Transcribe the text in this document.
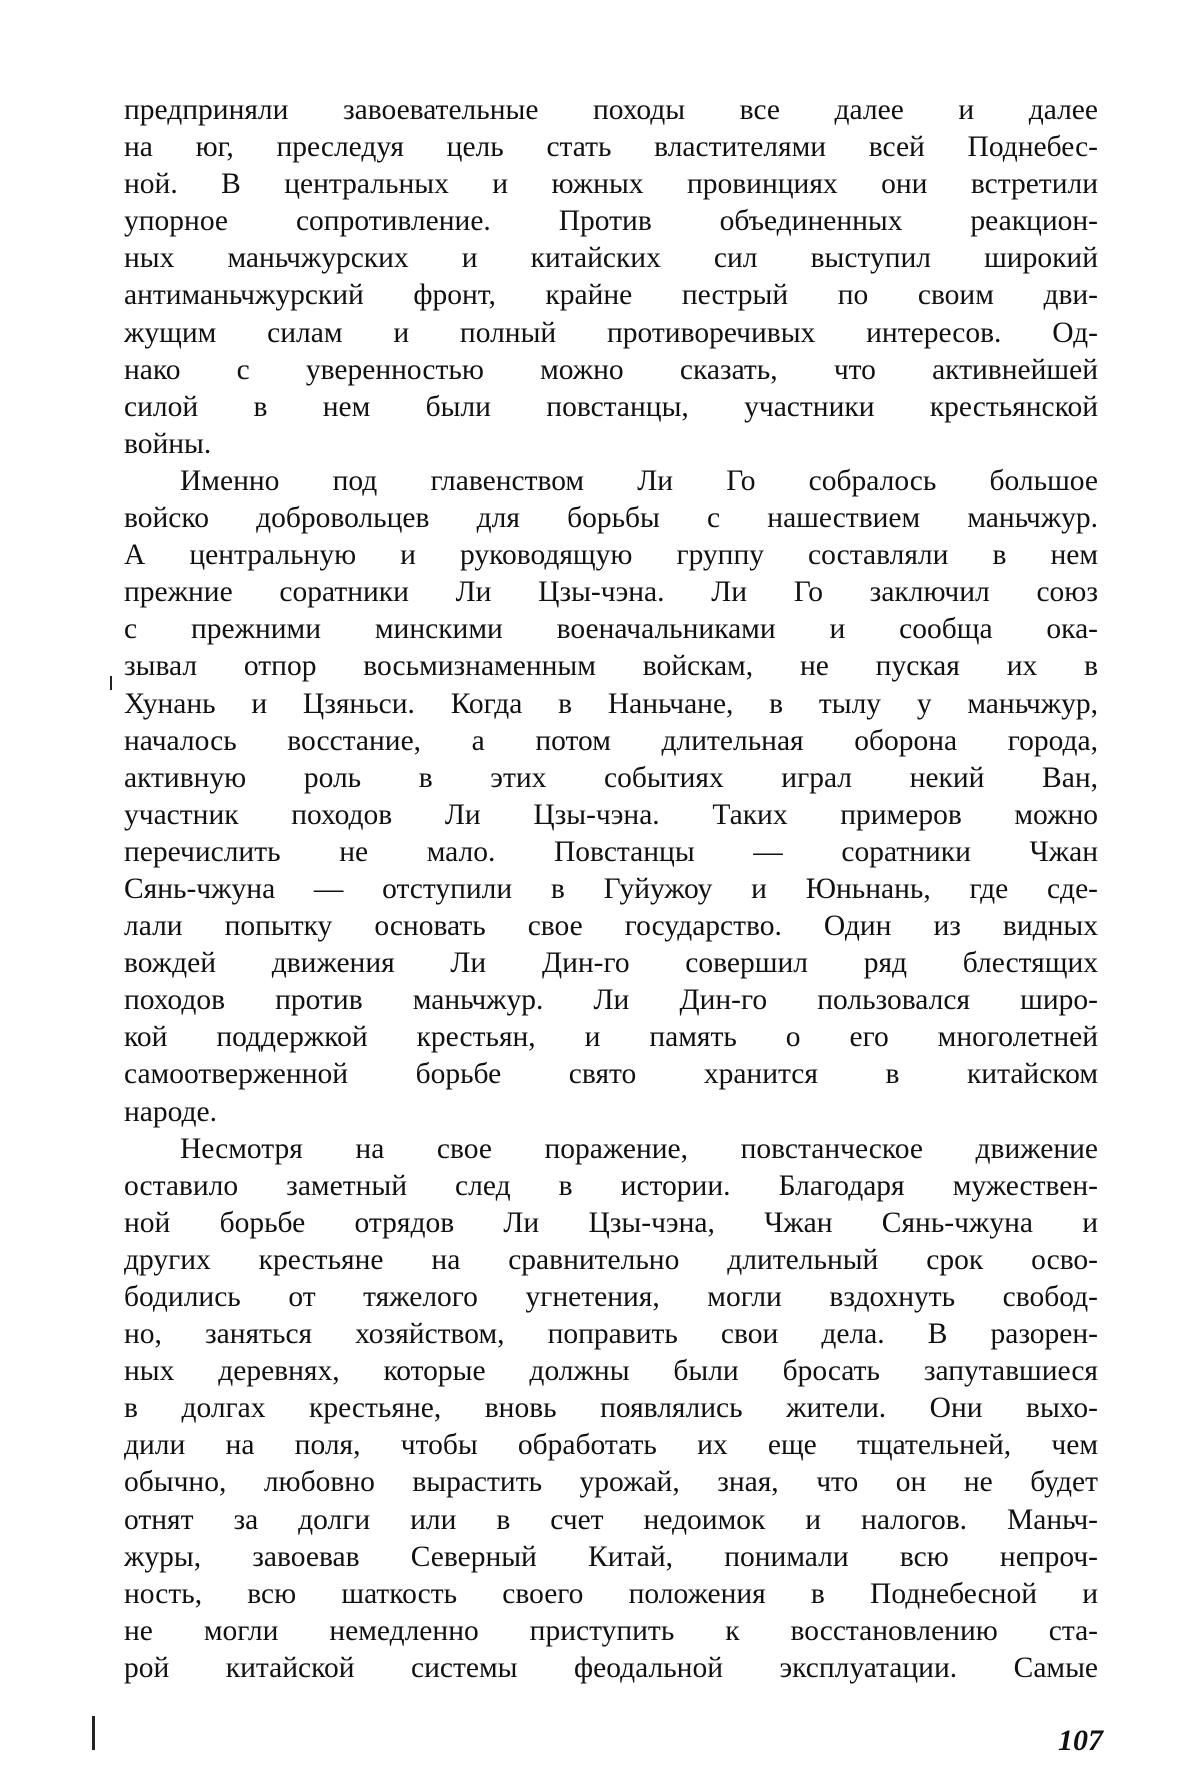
предприняли завоевательные походы все далее и далее
на юг, преследуя цель стать властителями всей Поднебес-
ной. В центральных и южных провинциях они встретили
упорное сопротивление. Против объединенных реакцион-
ных маньчжурских и китайских сил выступил широкий
антиманьчжурский фронт, крайне пестрый по своим дви-
жущим силам и полный противоречивых интересов. Од-
нако с уверенностью можно сказать, что активнейшей
силой в нем были повстанцы, участники крестьянской
войны.
Именно под главенством Ли Го собралось большое
войско добровольцев для борьбы с нашествием маньчжур.
А центральную и руководящую группу составляли в нем
прежние соратники Ли Цзы-чэна. Ли Го заключил союз
с прежними минскими военачальниками и сообща ока-
зывал отпор восьмизнаменным войскам, не пуская их в
Хунань и Цзяньси. Когда в Наньчане, в тылу у маньчжур,
началось восстание, а потом длительная оборона города,
активную роль в этих событиях играл некий Ван,
участник походов Ли Цзы-чэна. Таких примеров можно
перечислить не мало. Повстанцы — соратники Чжан
Сянь-чжуна — отступили в Гуйужоу и Юньнань, где сде-
лали попытку основать свое государство. Один из видных
вождей движения Ли Дин-го совершил ряд блестящих
походов против маньчжур. Ли Дин-го пользовался широ-
кой поддержкой крестьян, и память о его многолетней
самоотверженной борьбе свято хранится в китайском
народе.
Несмотря на свое поражение, повстанческое движение
оставило заметный след в истории. Благодаря мужествен-
ной борьбе отрядов Ли Цзы-чэна, Чжан Сянь-чжуна и
других крестьяне на сравнительно длительный срок осво-
бодились от тяжелого угнетения, могли вздохнуть свобод-
но, заняться хозяйством, поправить свои дела. В разорен-
ных деревнях, которые должны были бросать запутавшиеся
в долгах крестьяне, вновь появлялись жители. Они выхо-
дили на поля, чтобы обработать их еще тщательней, чем
обычно, любовно вырастить урожай, зная, что он не будет
отнят за долги или в счет недоимок и налогов. Маньч-
журы, завоевав Северный Китай, понимали всю непроч-
ность, всю шаткость своего положения в Поднебесной и
не могли немедленно приступить к восстановлению ста-
рой китайской системы феодальной эксплуатации. Самые
107
